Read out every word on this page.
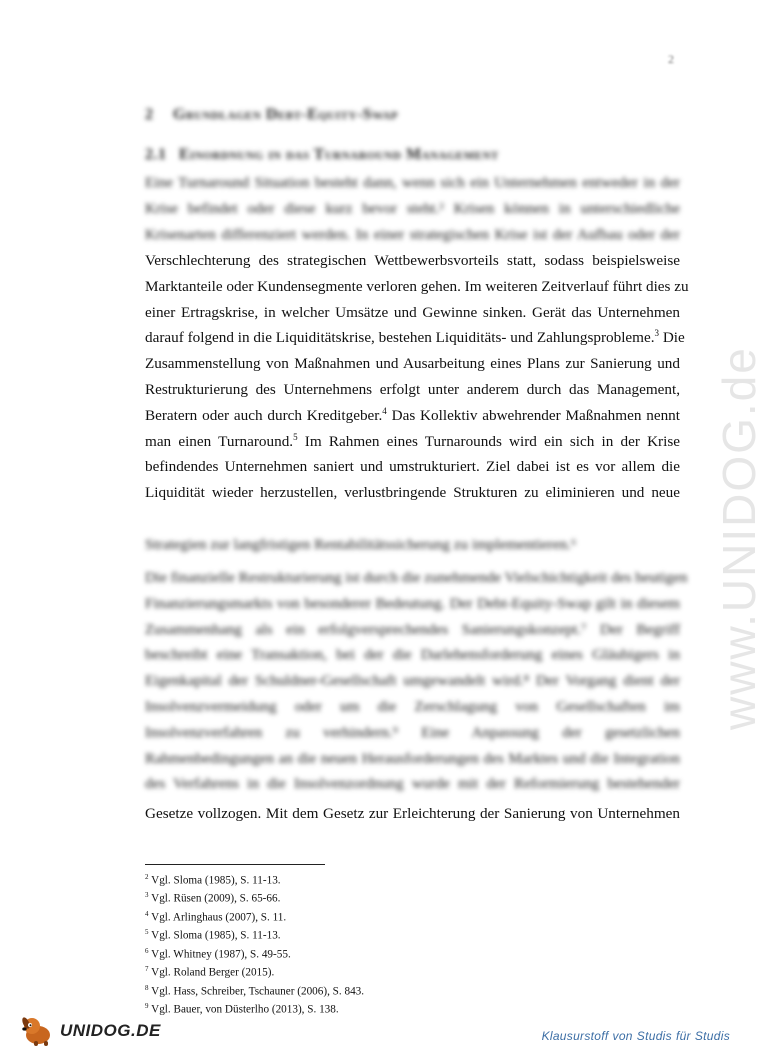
2
www.UNIDOG.de
2 Grundlagen Debt-Equity-Swap
2.1 Einordnung in das Turnaround Management
Eine Turnaround Situation besteht dann, wenn sich ein Unternehmen entweder in der
Krise befindet oder diese kurz bevor steht.² Krisen können in unterschiedliche
Krisenarten differenziert werden. In einer strategischen Krise ist der Aufbau oder der
Verschlechterung des strategischen Wettbewerbsvorteils statt, sodass beispielsweise
Marktanteile oder Kundensegmente verloren gehen. Im weiteren Zeitverlauf führt dies zu
einer Ertragskrise, in welcher Umsätze und Gewinne sinken. Gerät das Unternehmen
darauf folgend in die Liquiditätskrise, bestehen Liquiditäts- und Zahlungsprobleme.$^3$ Die
Zusammenstellung von Maßnahmen und Ausarbeitung eines Plans zur Sanierung und
Restrukturierung des Unternehmens erfolgt unter anderem durch das Management,
Beratern oder auch durch Kreditgeber.$^4$ Das Kollektiv abwehrender Maßnahmen nennt
man einen Turnaround.$^5$ Im Rahmen eines Turnarounds wird ein sich in der Krise
befindendes Unternehmen saniert und umstrukturiert. Ziel dabei ist es vor allem die
Liquidität wieder herzustellen, verlustbringende Strukturen zu eliminieren und neue
Strategien zur langfristigen Rentabilitätssicherung zu implementieren.⁶
Die finanzielle Restrukturierung ist durch die zunehmende Vielschichtigkeit des heutigen
Finanzierungsmarkts von besonderer Bedeutung. Der Debt-Equity-Swap gilt in diesem
Zusammenhang als ein erfolgversprechendes Sanierungskonzept.⁷ Der Begriff
beschreibt eine Transaktion, bei der die Darlehensforderung eines Gläubigers in
Eigenkapital der Schuldner-Gesellschaft umgewandelt wird.⁸ Der Vorgang dient der
Insolvenzvermeidung oder um die Zerschlagung von Gesellschaften im
Insolvenzverfahren zu verhindern.⁹ Eine Anpassung der gesetzlichen
Rahmenbedingungen an die neuen Herausforderungen des Marktes und die Integration
des Verfahrens in die Insolvenzordnung wurde mit der Reformierung bestehender
Gesetze vollzogen. Mit dem Gesetz zur Erleichterung der Sanierung von Unternehmen
$^2$ Vgl. Sloma (1985), S. 11-13.
$^3$ Vgl. Rüsen (2009), S. 65-66.
$^4$ Vgl. Arlinghaus (2007), S. 11.
$^5$ Vgl. Sloma (1985), S. 11-13.
$^6$ Vgl. Whitney (1987), S. 49-55.
$^7$ Vgl. Roland Berger (2015).
$^8$ Vgl. Hass, Schreiber, Tschauner (2006), S. 843.
$^9$ Vgl. Bauer, von Düsterlho (2013), S. 138.
UNIDOG.DE	Klausurstoff von Studis für Studis
